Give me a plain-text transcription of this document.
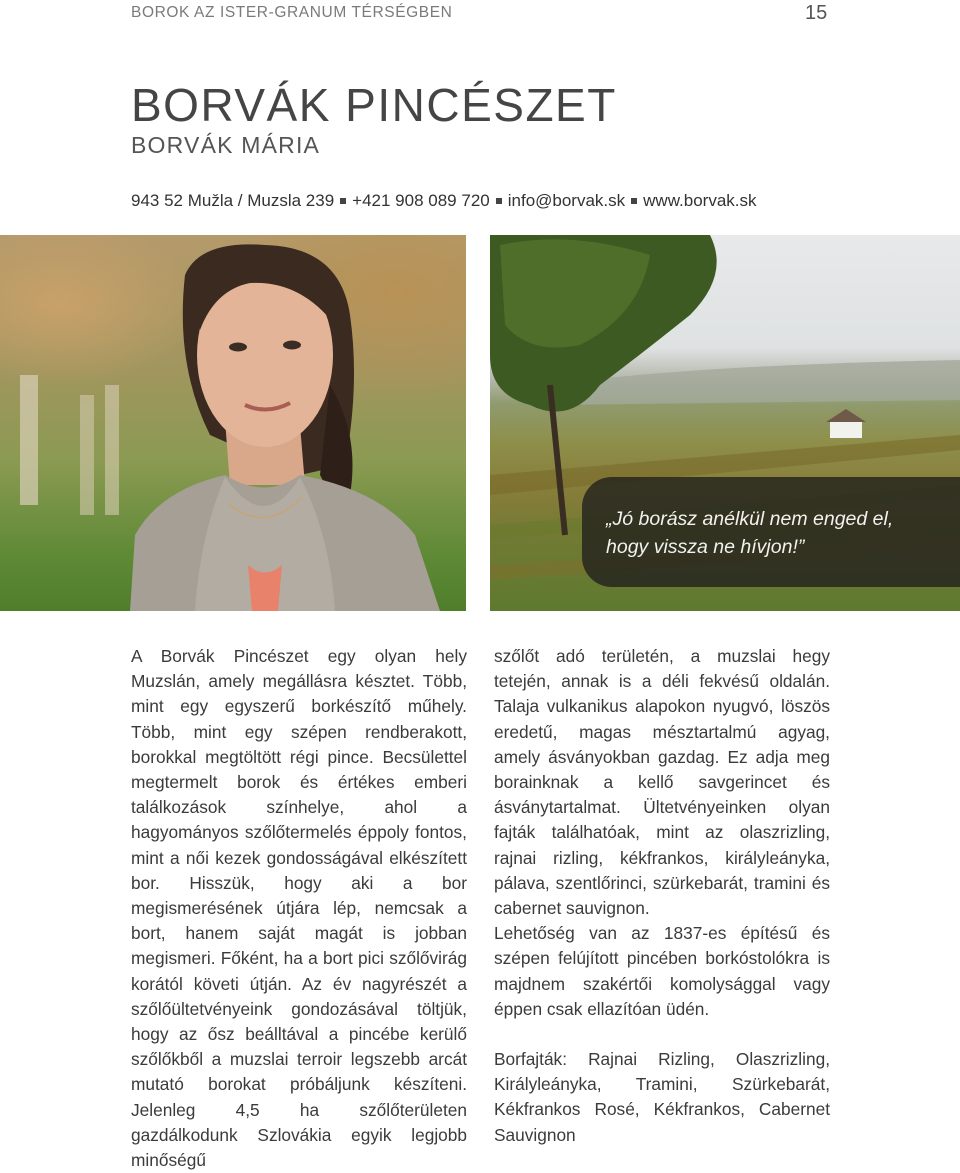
BOROK AZ ISTER-GRANUM TÉRSÉGBEN	15
BORVÁK PINCÉSZET
BORVÁK MÁRIA
943 52 Mužla / Muzsla 239 +421 908 089 720 info@borvak.sk www.borvak.sk
„Jó borász anélkül nem enged el,
hogy vissza ne hívjon!”

A Borvák Pincészet egy olyan hely Muzslán, amely megállásra késztet. Több, mint egy egyszerű borkészítő műhely. Több, mint egy szépen rendberakott, borokkal megtöltött régi pince. Becsülettel megtermelt borok és értékes emberi találkozások színhelye, ahol a hagyományos szőlőtermelés éppoly fontos, mint a női kezek gondosságával elkészített bor. Hisszük, hogy aki a bor megismerésének útjára lép, nemcsak a bort, hanem saját magát is jobban megismeri. Főként, ha a bort pici szőlővirág korától követi útján. Az év nagyrészét a szőlőültetvényeink gondozásával töltjük, hogy az ősz beálltával a pincébe kerülő szőlőkből a muzslai terroir legszebb arcát mutató borokat próbáljunk készíteni. Jelenleg 4,5 ha szőlőterületen gazdálkodunk Szlovákia egyik legjobb minőségű

szőlőt adó területén, a muzslai hegy tetején, annak is a déli fekvésű oldalán. Talaja vulkanikus alapokon nyugvó, löszös eredetű, magas mésztartalmú agyag, amely ásványokban gazdag. Ez adja meg borainknak a kellő savgerincet és ásványtartalmat. Ültetvényeinken olyan fajták találhatóak, mint az olaszrizling, rajnai rizling, kékfrankos, királyleányka, pálava, szentlőrinci, szürkebarát, tramini és cabernet sauvignon.

Lehetőség van az 1837-es építésű és szépen felújított pincében borkóstolókra is majdnem szakértői komolysággal vagy éppen csak ellazítóan üdén.

Borfajták: Rajnai Rizling, Olaszrizling, Királyleányka, Tramini, Szürkebarát, Kékfrankos Rosé, Kékfrankos, Cabernet Sauvignon
